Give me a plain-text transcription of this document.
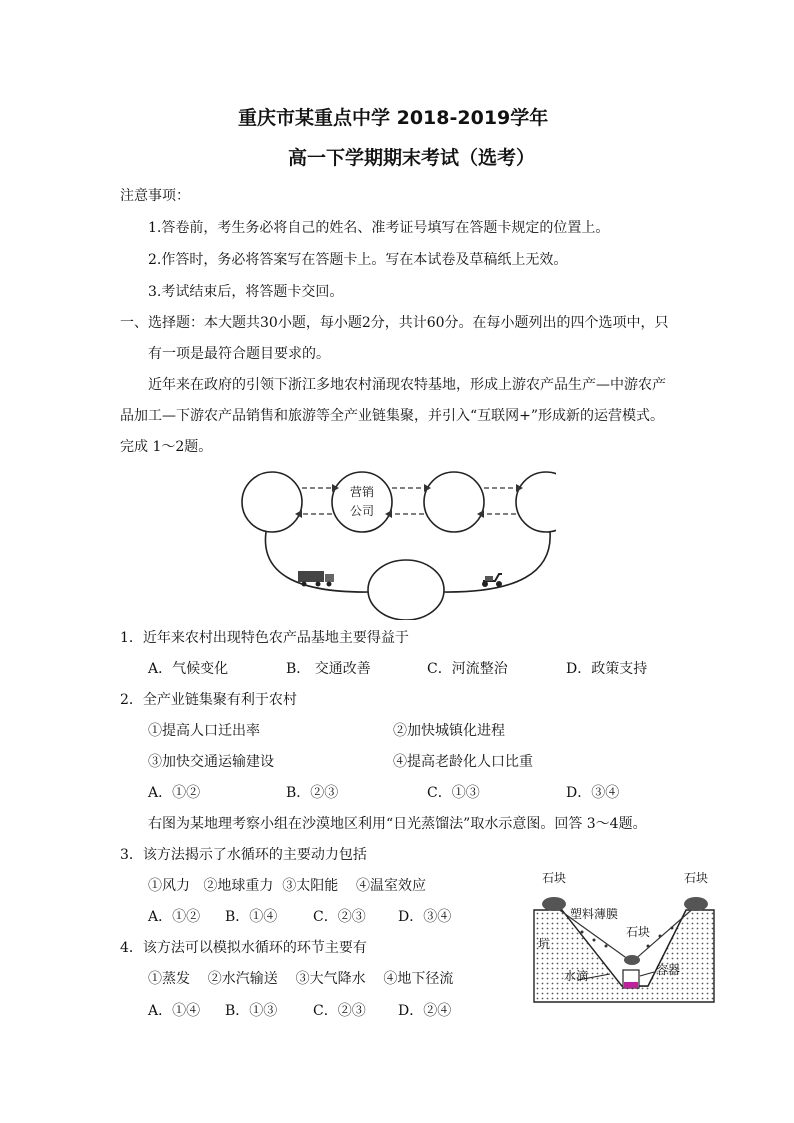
重庆市某重点中学 2018-2019学年
高一下学期期末考试（选考）
注意事项：
1.答卷前，考生务必将自己的姓名、准考证号填写在答题卡规定的位置上。
2.作答时，务必将答案写在答题卡上。写在本试卷及草稿纸上无效。
3.考试结束后，将答题卡交回。
一、选择题：本大题共30小题，每小题2分，共计60分。在每小题列出的四个选项中，只
有一项是最符合题目要求的。
近年来在政府的引领下浙江多地农村涌现农特基地，形成上游农产品生产—中游农产
品加工—下游农产品销售和旅游等全产业链集聚，并引入“互联网+”形成新的运营模式。
完成 1～2题。
营销
公司
1．近年来农村出现特色农产品基地主要得益于
A．气候变化	B． 交通改善	C．河流整治	D．政策支持
2．全产业链集聚有利于农村
①提高人口迁出率	②加快城镇化进程
③加快交通运输建设	④提高老龄化人口比重
A．①②	B．②③	C．①③	D．③④
右图为某地理考察小组在沙漠地区利用“日光蒸馏法”取水示意图。回答 3～4题。
3．该方法揭示了水循环的主要动力包括
①风力   ②地球重力  ③太阳能    ④温室效应
A．①② B．①④	C．②③ D．③④
4．该方法可以模拟水循环的环节主要有
①蒸发    ②水汽输送    ③大气降水    ④地下径流
A．①④ B．①③	C．②③ D．②④
石块	石块
塑料薄膜
石块
坑
水滴	容器
